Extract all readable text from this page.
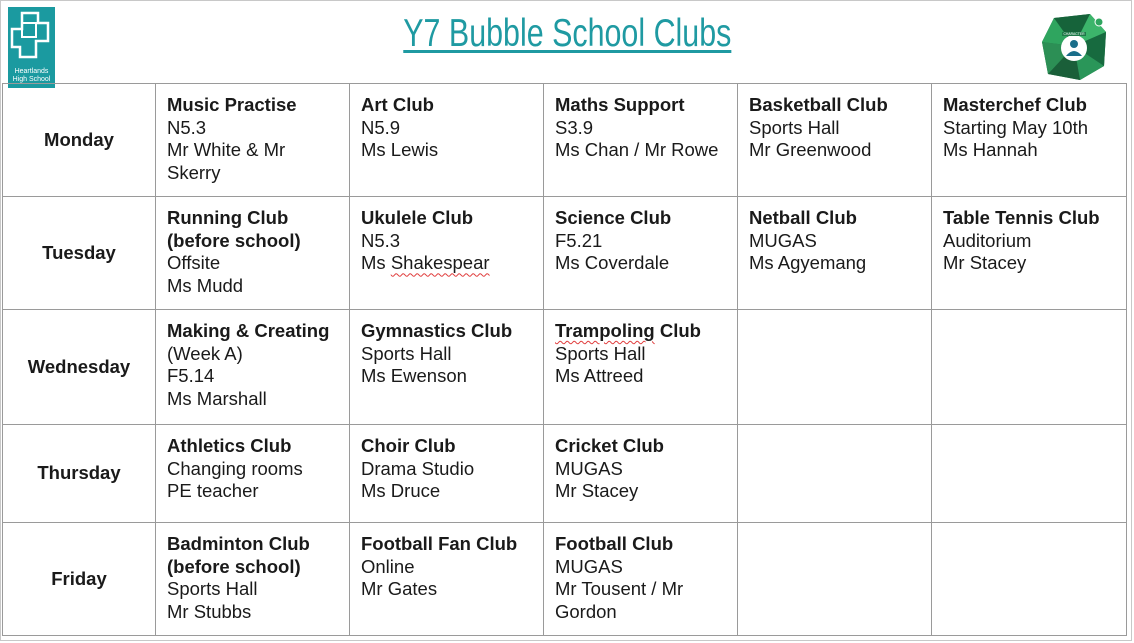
Heartlands High School
Y7 Bubble School Clubs	CHARACTER
Monday	Music Practise
N5.3
Mr White & Mr
Skerry	Art Club
N5.9
Ms Lewis	Maths Support
S3.9
Ms Chan / Mr Rowe	Basketball Club
Sports Hall
Mr Greenwood	Masterchef Club
Starting May 10th
Ms Hannah

Tuesday	Running Club
(before school)
Offsite
Ms Mudd	Ukulele Club
N5.3
Ms Shakespear	Science Club
F5.21
Ms Coverdale	Netball Club
MUGAS
Ms Agyemang	Table Tennis Club
Auditorium
Mr Stacey

Wednesday	Making & Creating
(Week A)
F5.14
Ms Marshall	Gymnastics Club
Sports Hall
Ms Ewenson	Trampoling Club
Sports Hall
Ms Attreed		

Thursday	Athletics Club
Changing rooms
PE teacher	Choir Club
Drama Studio
Ms Druce	Cricket Club
MUGAS
Mr Stacey		

Friday	Badminton Club
(before school)
Sports Hall
Mr Stubbs	Football Fan Club
Online
Mr Gates	Football Club
MUGAS
Mr Tousent / Mr
Gordon		
